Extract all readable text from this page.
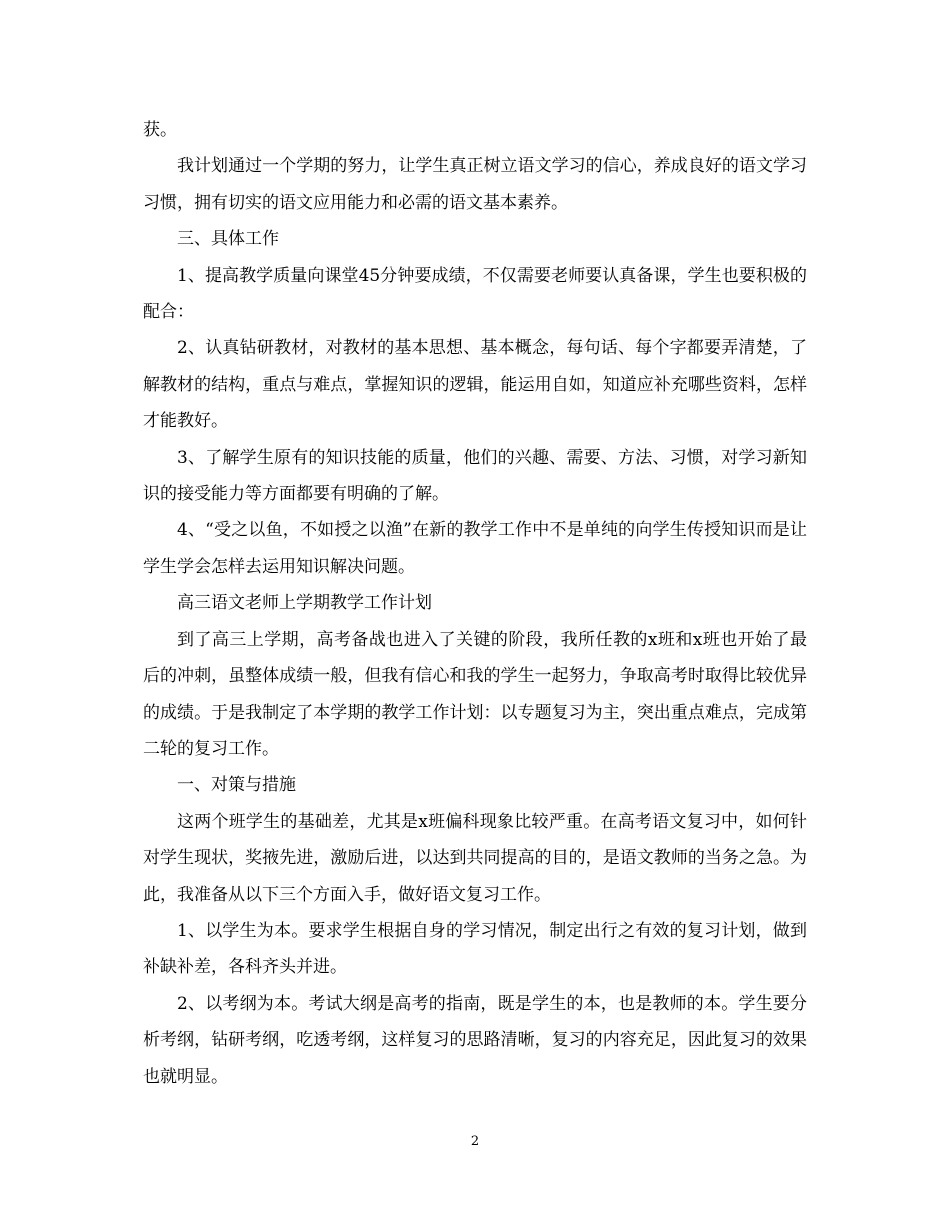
获。

我计划通过一个学期的努力，让学生真正树立语文学习的信心，养成良好的语文学习习惯，拥有切实的语文应用能力和必需的语文基本素养。

三、具体工作

1、提高教学质量向课堂45分钟要成绩，不仅需要老师要认真备课，学生也要积极的配合：

2、认真钻研教材，对教材的基本思想、基本概念，每句话、每个字都要弄清楚，了解教材的结构，重点与难点，掌握知识的逻辑，能运用自如，知道应补充哪些资料，怎样才能教好。

3、了解学生原有的知识技能的质量，他们的兴趣、需要、方法、习惯，对学习新知识的接受能力等方面都要有明确的了解。

4、“受之以鱼，不如授之以渔”在新的教学工作中不是单纯的向学生传授知识而是让学生学会怎样去运用知识解决问题。

高三语文老师上学期教学工作计划

到了高三上学期，高考备战也进入了关键的阶段，我所任教的x班和x班也开始了最后的冲刺，虽整体成绩一般，但我有信心和我的学生一起努力，争取高考时取得比较优异的成绩。于是我制定了本学期的教学工作计划：以专题复习为主，突出重点难点，完成第二轮的复习工作。

一、对策与措施

这两个班学生的基础差，尤其是x班偏科现象比较严重。在高考语文复习中，如何针对学生现状，奖掖先进，激励后进，以达到共同提高的目的，是语文教师的当务之急。为此，我准备从以下三个方面入手，做好语文复习工作。

1、以学生为本。要求学生根据自身的学习情况，制定出行之有效的复习计划，做到补缺补差，各科齐头并进。

2、以考纲为本。考试大纲是高考的指南，既是学生的本，也是教师的本。学生要分析考纲，钻研考纲，吃透考纲，这样复习的思路清晰，复习的内容充足，因此复习的效果也就明显。

2
